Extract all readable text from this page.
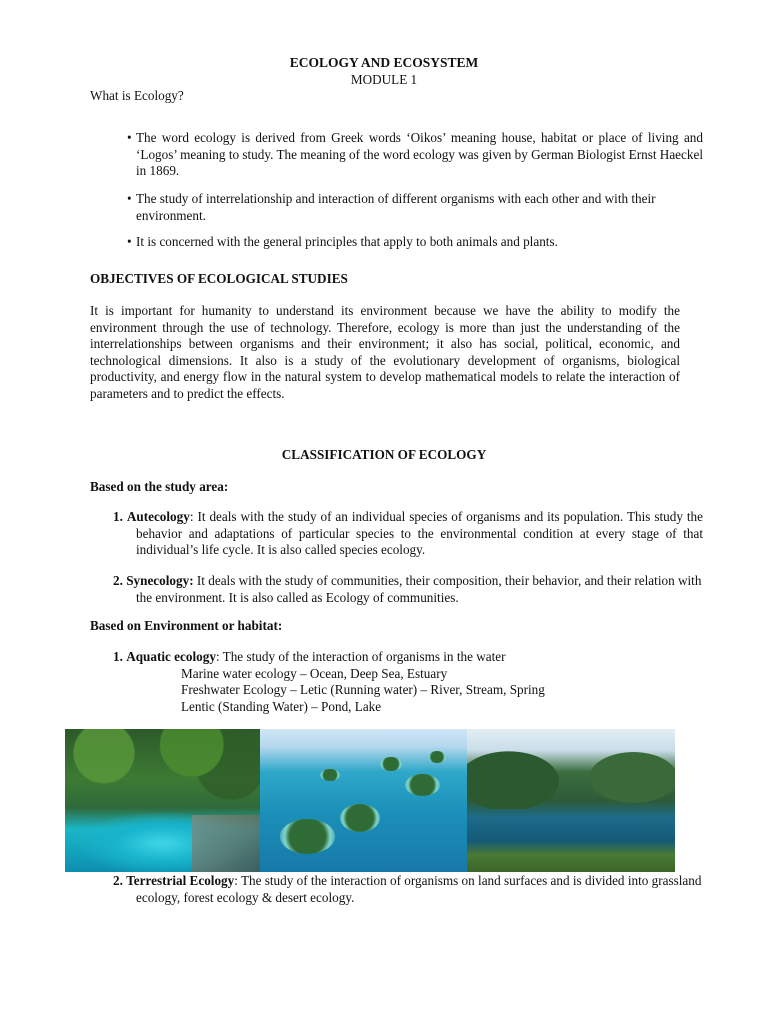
ECOLOGY AND ECOSYSTEM
MODULE 1
What is Ecology?
• The word ecology is derived from Greek words ‘Oikos’ meaning house, habitat or place of living and ‘Logos’ meaning to study. The meaning of the word ecology was given by German Biologist Ernst Haeckel in 1869.
• The study of interrelationship and interaction of different organisms with each other and with their environment.
• It is concerned with the general principles that apply to both animals and plants.
OBJECTIVES OF ECOLOGICAL STUDIES
It is important for humanity to understand its environment because we have the ability to modify the environment through the use of technology. Therefore, ecology is more than just the understanding of the interrelationships between organisms and their environment; it also has social, political, economic, and technological dimensions. It also is a study of the evolutionary development of organisms, biological productivity, and energy flow in the natural system to develop mathematical models to relate the interaction of parameters and to predict the effects.
CLASSIFICATION OF ECOLOGY
Based on the study area:
1. Autecology: It deals with the study of an individual species of organisms and its population. This study the behavior and adaptations of particular species to the environmental condition at every stage of that individual’s life cycle. It is also called species ecology.
2. Synecology: It deals with the study of communities, their composition, their behavior, and their relation with the environment. It is also called as Ecology of communities.
Based on Environment or habitat:
1. Aquatic ecology: The study of the interaction of organisms in the water
Marine water ecology – Ocean, Deep Sea, Estuary
Freshwater Ecology – Letic (Running water) – River, Stream, Spring
Lentic (Standing Water) – Pond, Lake
2. Terrestrial Ecology: The study of the interaction of organisms on land surfaces and is divided into grassland ecology, forest ecology & desert ecology.
